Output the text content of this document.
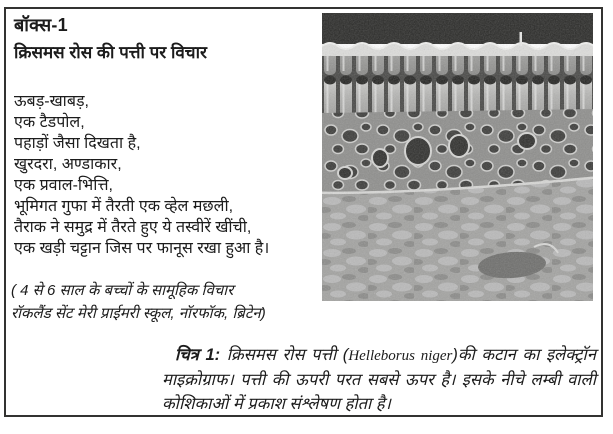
बॉक्स-1
क्रिसमस रोस की पत्ती पर विचार
ऊबड़-खाबड़,
एक टैडपोल,
पहाड़ों जैसा दिखता है,
खुरदरा, अण्डाकार,
एक प्रवाल-भित्ति,
भूमिगत गुफा में तैरती एक व्हेल मछली,
तैराक ने समुद्र में तैरते हुए ये तस्वीरें खींची,
एक खड़ी चट्टान जिस पर फानूस रखा हुआ है।
( 4 से 6 साल के बच्चों के सामूहिक विचार
रॉकलैंड सेंट मेरी प्राईमरी स्कूल, नॉरफॉक, ब्रिटेन)

चित्र 1: क्रिसमस रोस पत्ती (Helleborus niger)की कटान का इलेक्ट्रॉन माइक्रोग्राफ। पत्ती की ऊपरी परत सबसे ऊपर है। इसके नीचे लम्बी वाली कोशिकाओं में प्रकाश संश्लेषण होता है।
